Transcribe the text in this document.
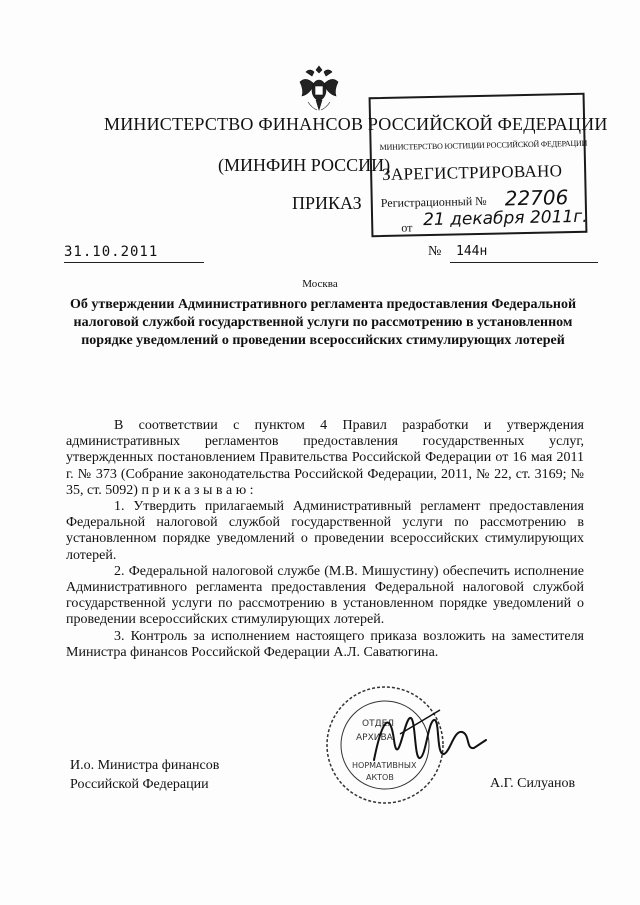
МИНИСТЕРСТВО ФИНАНСОВ РОССИЙСКОЙ ФЕДЕРАЦИИ
(МИНФИН РОССИИ)
ПРИКАЗ
МИНИСТЕРСТВО ЮСТИЦИИ РОССИЙСКОЙ ФЕДЕРАЦИИ
ЗАРЕГИСТРИРОВАНО
Регистрационный № 22706
от 21 декабря 2011г.
31.10.2011	№ 144н
Москва
Об утверждении Административного регламента предоставления Федеральной налоговой службой государственной услуги по рассмотрению в установленном порядке уведомлений о проведении всероссийских стимулирующих лотерей

В соответствии с пунктом 4 Правил разработки и утверждения административных регламентов предоставления государственных услуг, утвержденных постановлением Правительства Российской Федерации от 16 мая 2011 г. № 373 (Собрание законодательства Российской Федерации, 2011, № 22, ст. 3169; № 35, ст. 5092) п р и к а з ы в а ю :

1. Утвердить прилагаемый Административный регламент предоставления Федеральной налоговой службой государственной услуги по рассмотрению в установленном порядке уведомлений о проведении всероссийских стимулирующих лотерей.

2. Федеральной налоговой службе (М.В. Мишустину) обеспечить исполнение Административного регламента предоставления Федеральной налоговой службой государственной услуги по рассмотрению в установленном порядке уведомлений о проведении всероссийских стимулирующих лотерей.

3. Контроль за исполнением настоящего приказа возложить на заместителя Министра финансов Российской Федерации А.Л. Саватюгина.

И.о. Министра финансов
Российской Федерации
ОТДЕЛ
АРХИВА
НОРМАТИВНЫХ
АКТОВ	А.Г. Силуанов
